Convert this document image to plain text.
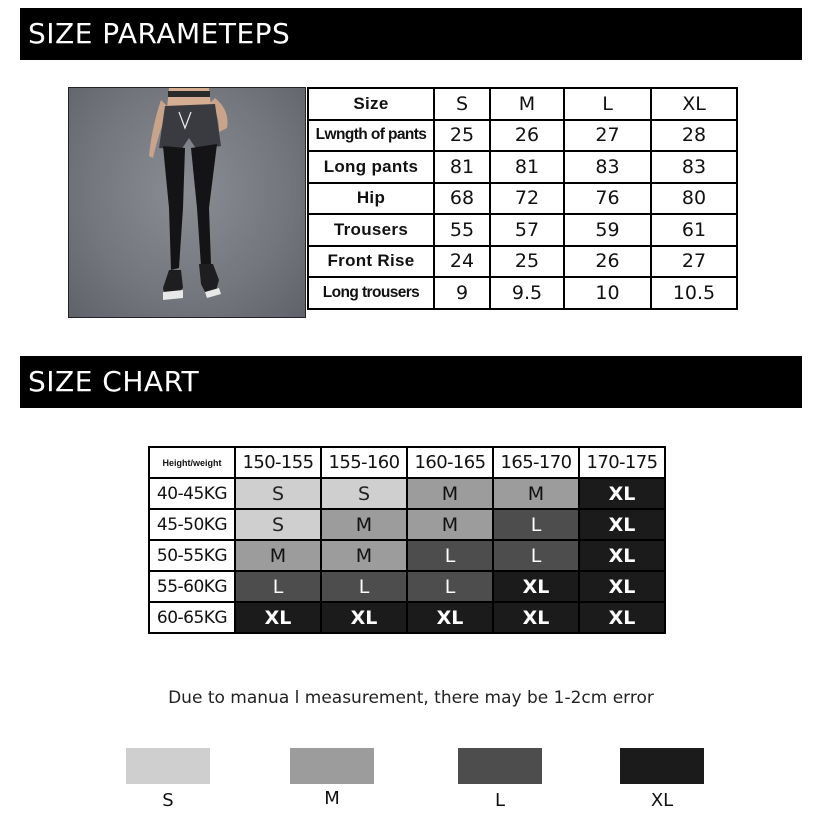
SIZE PARAMETEPS
Size	S	M	L	XL
Lwngth of pants	25	26	27	28
Long pants	81	81	83	83
Hip	68	72	76	80
Trousers	55	57	59	61
Front Rise	24	25	26	27
Long trousers	9	9.5	10	10.5
SIZE CHART
Height/weight	150-155	155-160	160-165	165-170	170-175
40-45KG	S	S	M	M	XL
45-50KG	S	M	M	L	XL
50-55KG	M	M	L	L	XL
55-60KG	L	L	L	XL	XL
60-65KG	XL	XL	XL	XL	XL
Due to manua l measurement, there may be 1-2cm error
S	M	L	XL
